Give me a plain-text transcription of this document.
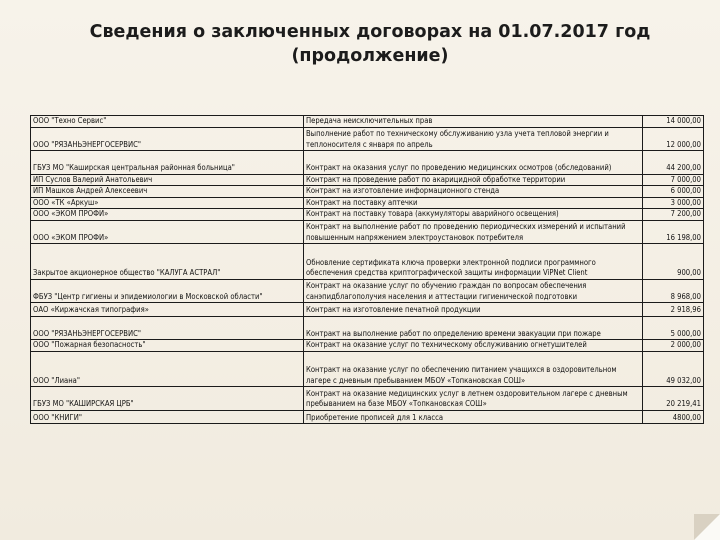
Сведения о заключенных договорах на 01.07.2017 год
(продолжение)
ООО "Техно Сервис"	Передача неисключительных прав	14 000,00
ООО "РЯЗАНЬЭНЕРГОСЕРВИС"	Выполнение работ по техническому обслуживанию узла учета тепловой энергии и теплоносителя с января по апрель	12 000,00
ГБУЗ МО "Каширская центральная районная больница"	Контракт на оказания услуг по проведению медицинских осмотров (обследований)	44 200,00
ИП Суслов Валерий Анатольевич	Контракт на проведение работ по акарицидной обработке территории	7 000,00
ИП Машков Андрей Алексеевич	Контракт на изготовление информационного стенда	6 000,00
ООО «ТК «Аркуш»	Контракт на поставку аптечки	3 000,00
ООО «ЭКОМ ПРОФИ»	Контракт на поставку товара (аккумуляторы аварийного освещения)	7 200,00
ООО «ЭКОМ ПРОФИ»	Контракт на выполнение работ по проведению периодических измерений и испытаний повышенным напряжением электроустановок потребителя	16 198,00
Закрытое акционерное общество "КАЛУГА АСТРАЛ"	Обновление сертификата ключа проверки электронной подписи программного обеспечения средства криптографической защиты информации ViPNet Client	900,00
ФБУЗ "Центр гигиены и эпидемиологии в Московской области"	Контракт на оказание услуг по обучению граждан по вопросам обеспечения санэпидблагополучия населения и аттестации гигиенической подготовки	8 968,00
ОАО «Киржачская типография»	Контракт на изготовление печатной продукции	2 918,96
ООО "РЯЗАНЬЭНЕРГОСЕРВИС"	Контракт на выполнение работ по определению времени эвакуации при пожаре	5 000,00
ООО "Пожарная безопасность"	Контракт на оказание услуг по техническому обслуживанию огнетушителей	2 000,00
ООО "Лиана"	Контракт на оказание услуг по обеспечению питанием учащихся в оздоровительном лагере с дневным пребыванием МБОУ «Топкановская СОШ»	49 032,00
ГБУЗ МО "КАШИРСКАЯ ЦРБ"	Контракт на оказание медицинских услуг в летнем оздоровительном лагере с дневным пребыванием на базе МБОУ «Топкановская СОШ»	20 219,41
ООО "КНИГИ"	Приобретение прописей для 1 класса	4800,00
